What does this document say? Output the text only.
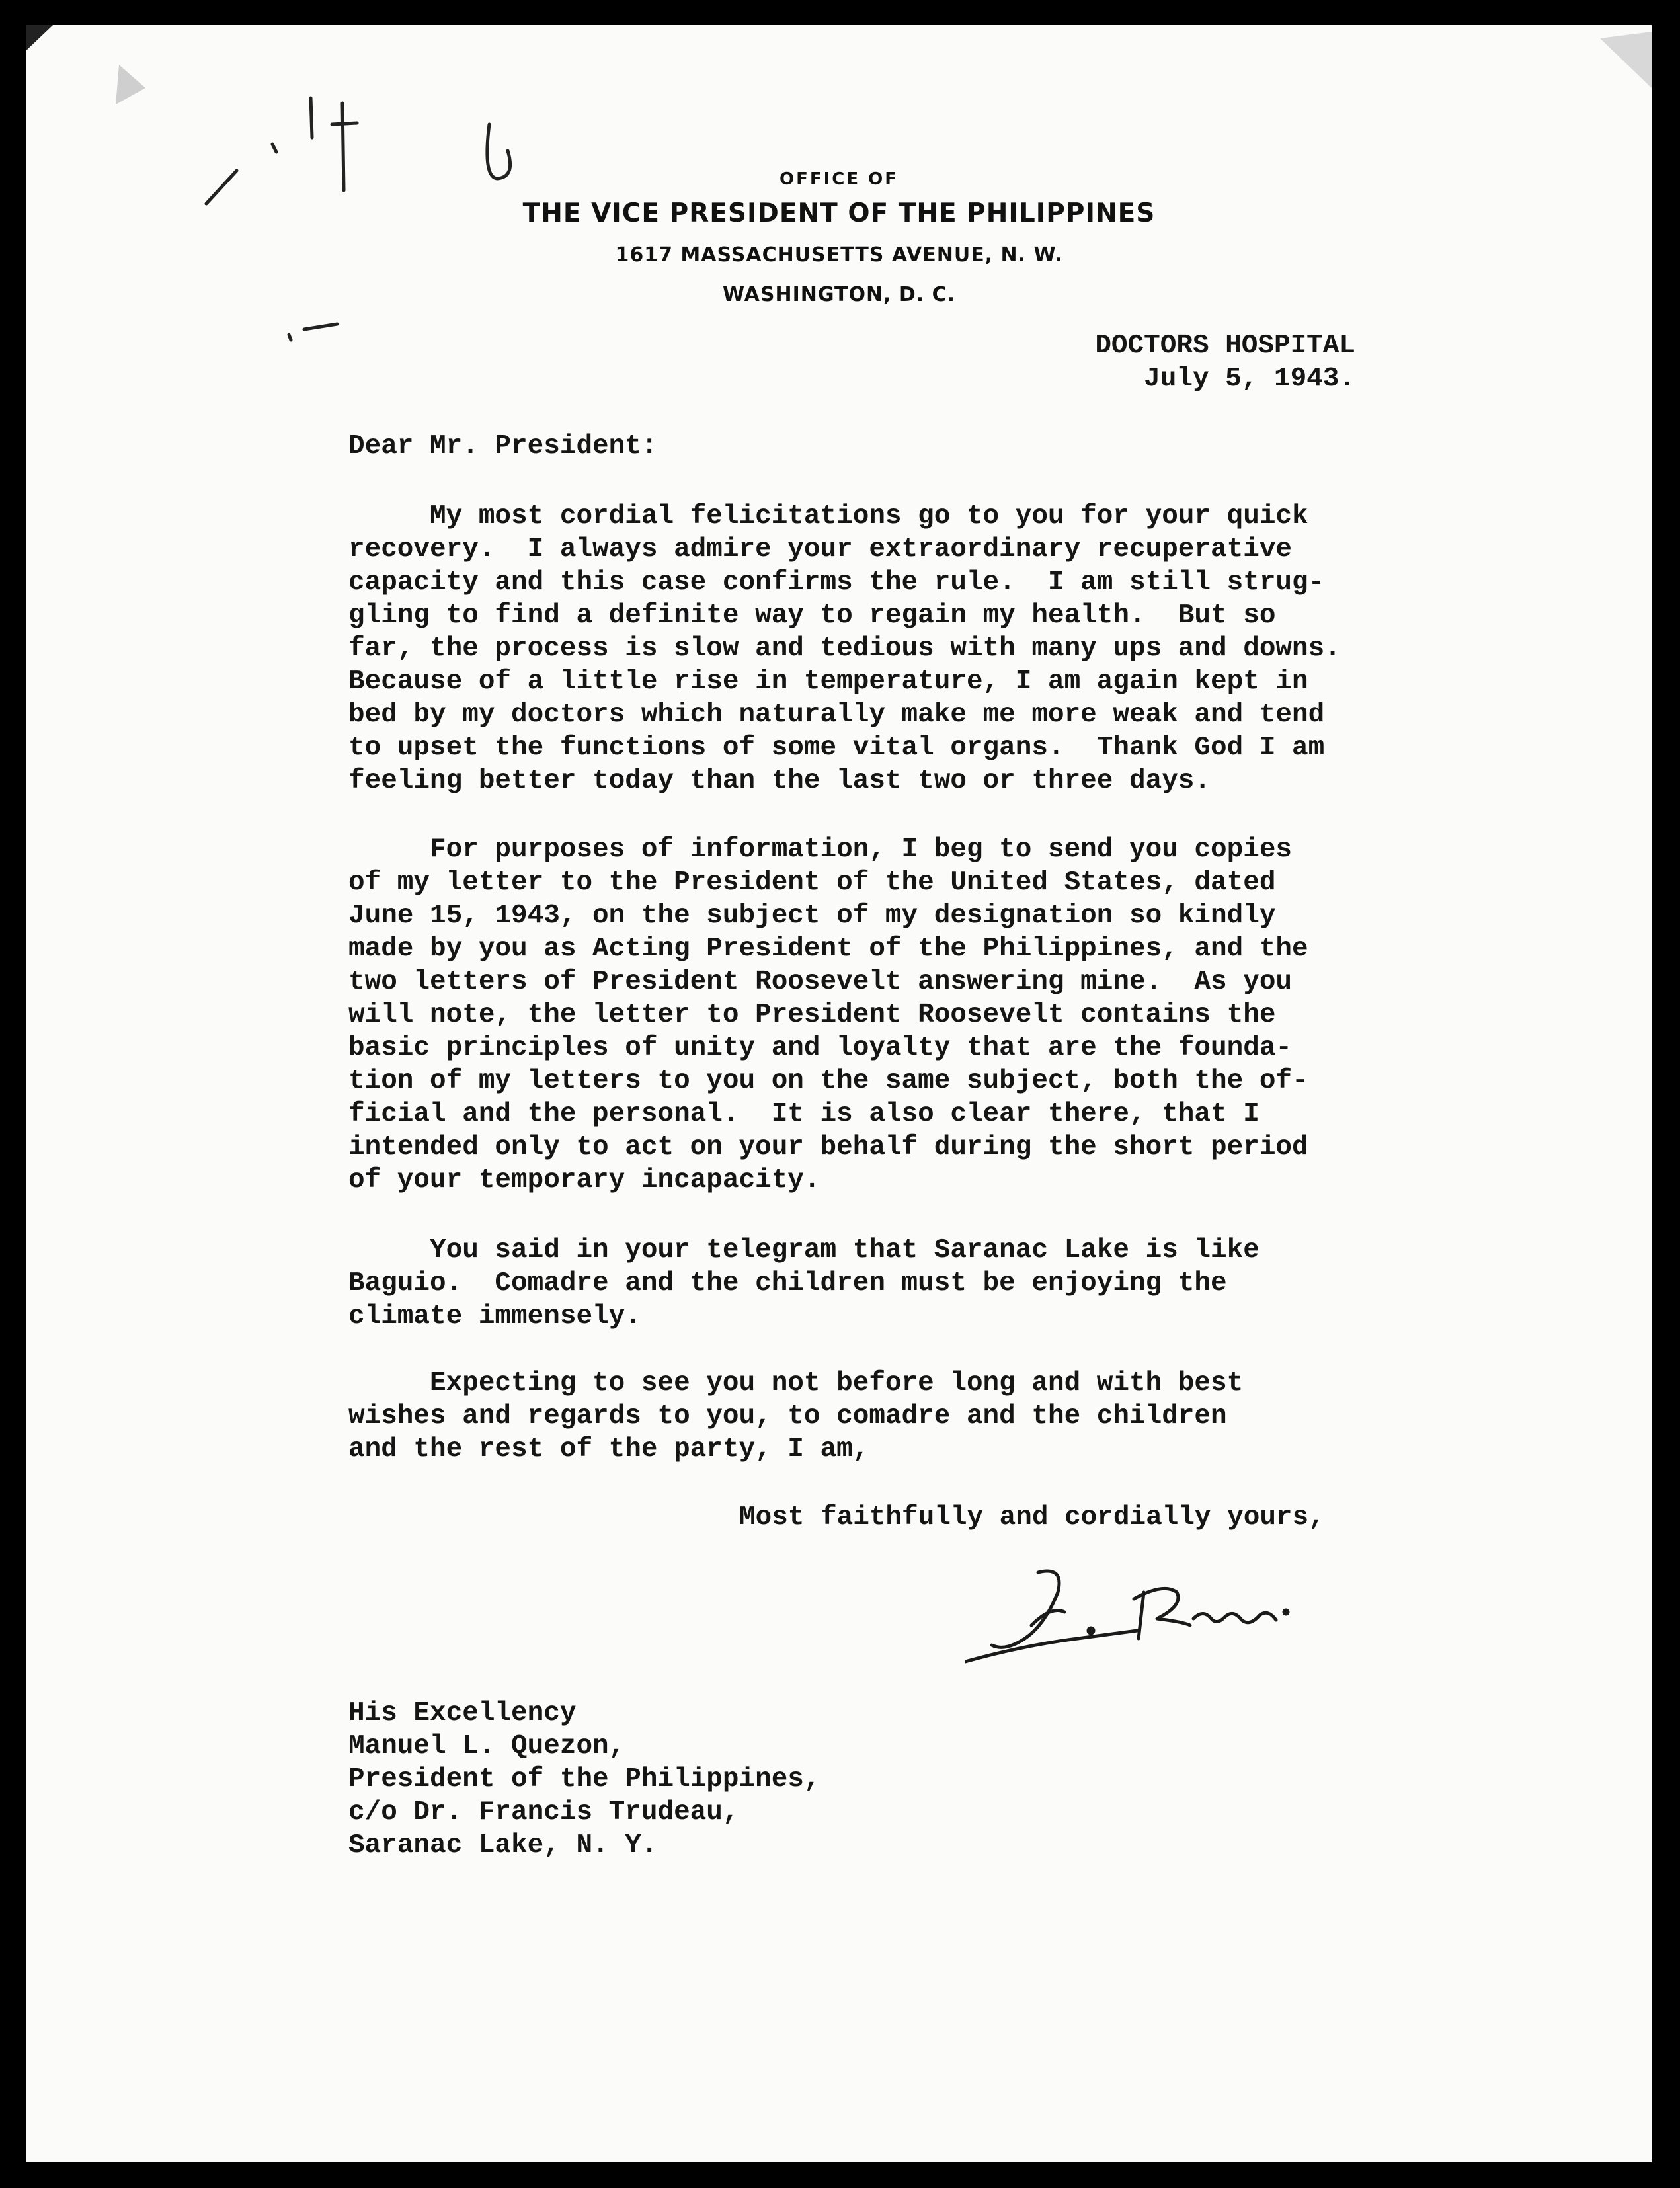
OFFICE OF

THE VICE PRESIDENT OF THE PHILIPPINES

1617 MASSACHUSETTS AVENUE, N. W.

WASHINGTON, D. C.

DOCTORS HOSPITAL

July 5, 1943.

Dear Mr. President:

My most cordial felicitations go to you for your quick
recovery.  I always admire your extraordinary recuperative
capacity and this case confirms the rule.  I am still strug-
gling to find a definite way to regain my health.  But so
far, the process is slow and tedious with many ups and downs.
Because of a little rise in temperature, I am again kept in
bed by my doctors which naturally make me more weak and tend
to upset the functions of some vital organs.  Thank God I am
feeling better today than the last two or three days.

For purposes of information, I beg to send you copies
of my letter to the President of the United States, dated
June 15, 1943, on the subject of my designation so kindly
made by you as Acting President of the Philippines, and the
two letters of President Roosevelt answering mine.  As you
will note, the letter to President Roosevelt contains the
basic principles of unity and loyalty that are the founda-
tion of my letters to you on the same subject, both the of-
ficial and the personal.  It is also clear there, that I
intended only to act on your behalf during the short period
of your temporary incapacity.

You said in your telegram that Saranac Lake is like
Baguio.  Comadre and the children must be enjoying the
climate immensely.

Expecting to see you not before long and with best
wishes and regards to you, to comadre and the children
and the rest of the party, I am,

Most faithfully and cordially yours,

His Excellency
Manuel L. Quezon,
President of the Philippines,
c/o Dr. Francis Trudeau,
Saranac Lake, N. Y.
